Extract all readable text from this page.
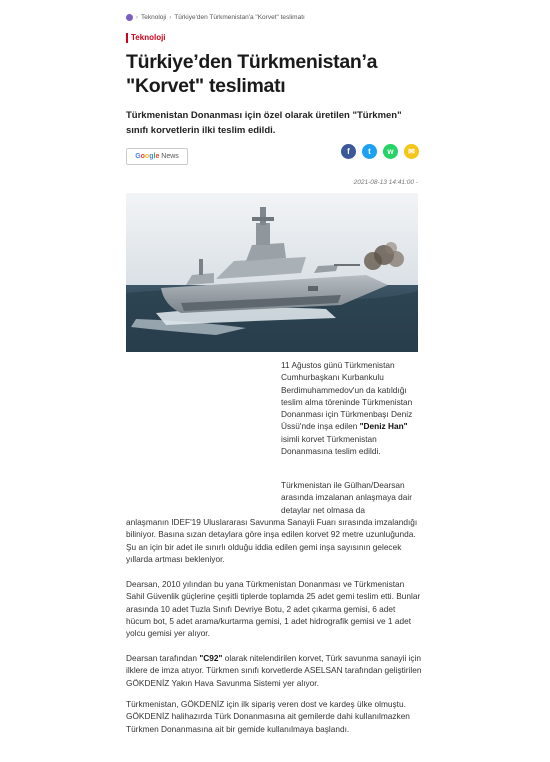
› Teknoloji › Türkiye'den Türkmenistan'a "Korvet" teslimatı
Teknoloji
Türkiye’den Türkmenistan’a "Korvet" teslimatı

Türkmenistan Donanması için özel olarak üretilen "Türkmen" sınıfı korvetlerin ilki teslim edildi.

Google
News
f	t	w	✉
2021-08-13 14:41:00 -

11 Ağustos günü Türkmenistan Cumhurbaşkanı Kurbankulu Berdimuhammedov'un da katıldığı teslim alma töreninde Türkmenistan Donanması için Türkmenbaşı Deniz Üssü'nde inşa edilen "Deniz Han" isimli korvet Türkmenistan Donanmasına teslim edildi.

Türkmenistan ile Gülhan/Dearsan arasında imzalanan anlaşmaya dair detaylar net olmasa da

anlaşmanın IDEF'19 Uluslararası Savunma Sanayii Fuarı sırasında imzalandığı biliniyor. Basına sızan detaylara göre inşa edilen korvet 92 metre uzunluğunda. Şu an için bir adet ile sınırlı olduğu iddia edilen gemi inşa sayısının gelecek yıllarda artması bekleniyor.

Dearsan, 2010 yılından bu yana Türkmenistan Donanması ve Türkmenistan Sahil Güvenlik güçlerine çeşitli tiplerde toplamda 25 adet gemi teslim etti. Bunlar arasında 10 adet Tuzla Sınıfı Devriye Botu, 2 adet çıkarma gemisi, 6 adet hücum bot, 5 adet arama/kurtarma gemisi, 1 adet hidrografik gemisi ve 1 adet yolcu gemisi yer alıyor.

Dearsan tarafından "C92" olarak nitelendirilen korvet, Türk savunma sanayii için ilklere de imza atıyor. Türkmen sınıfı korvetlerde ASELSAN tarafından geliştirilen GÖKDENİZ Yakın Hava Savunma Sistemi yer alıyor.

Türkmenistan, GÖKDENİZ için ilk sipariş veren dost ve kardeş ülke olmuştu. GÖKDENİZ halihazırda Türk Donanmasına ait gemilerde dahi kullanılmazken Türkmen Donanmasına ait bir gemide kullanılmaya başlandı.
